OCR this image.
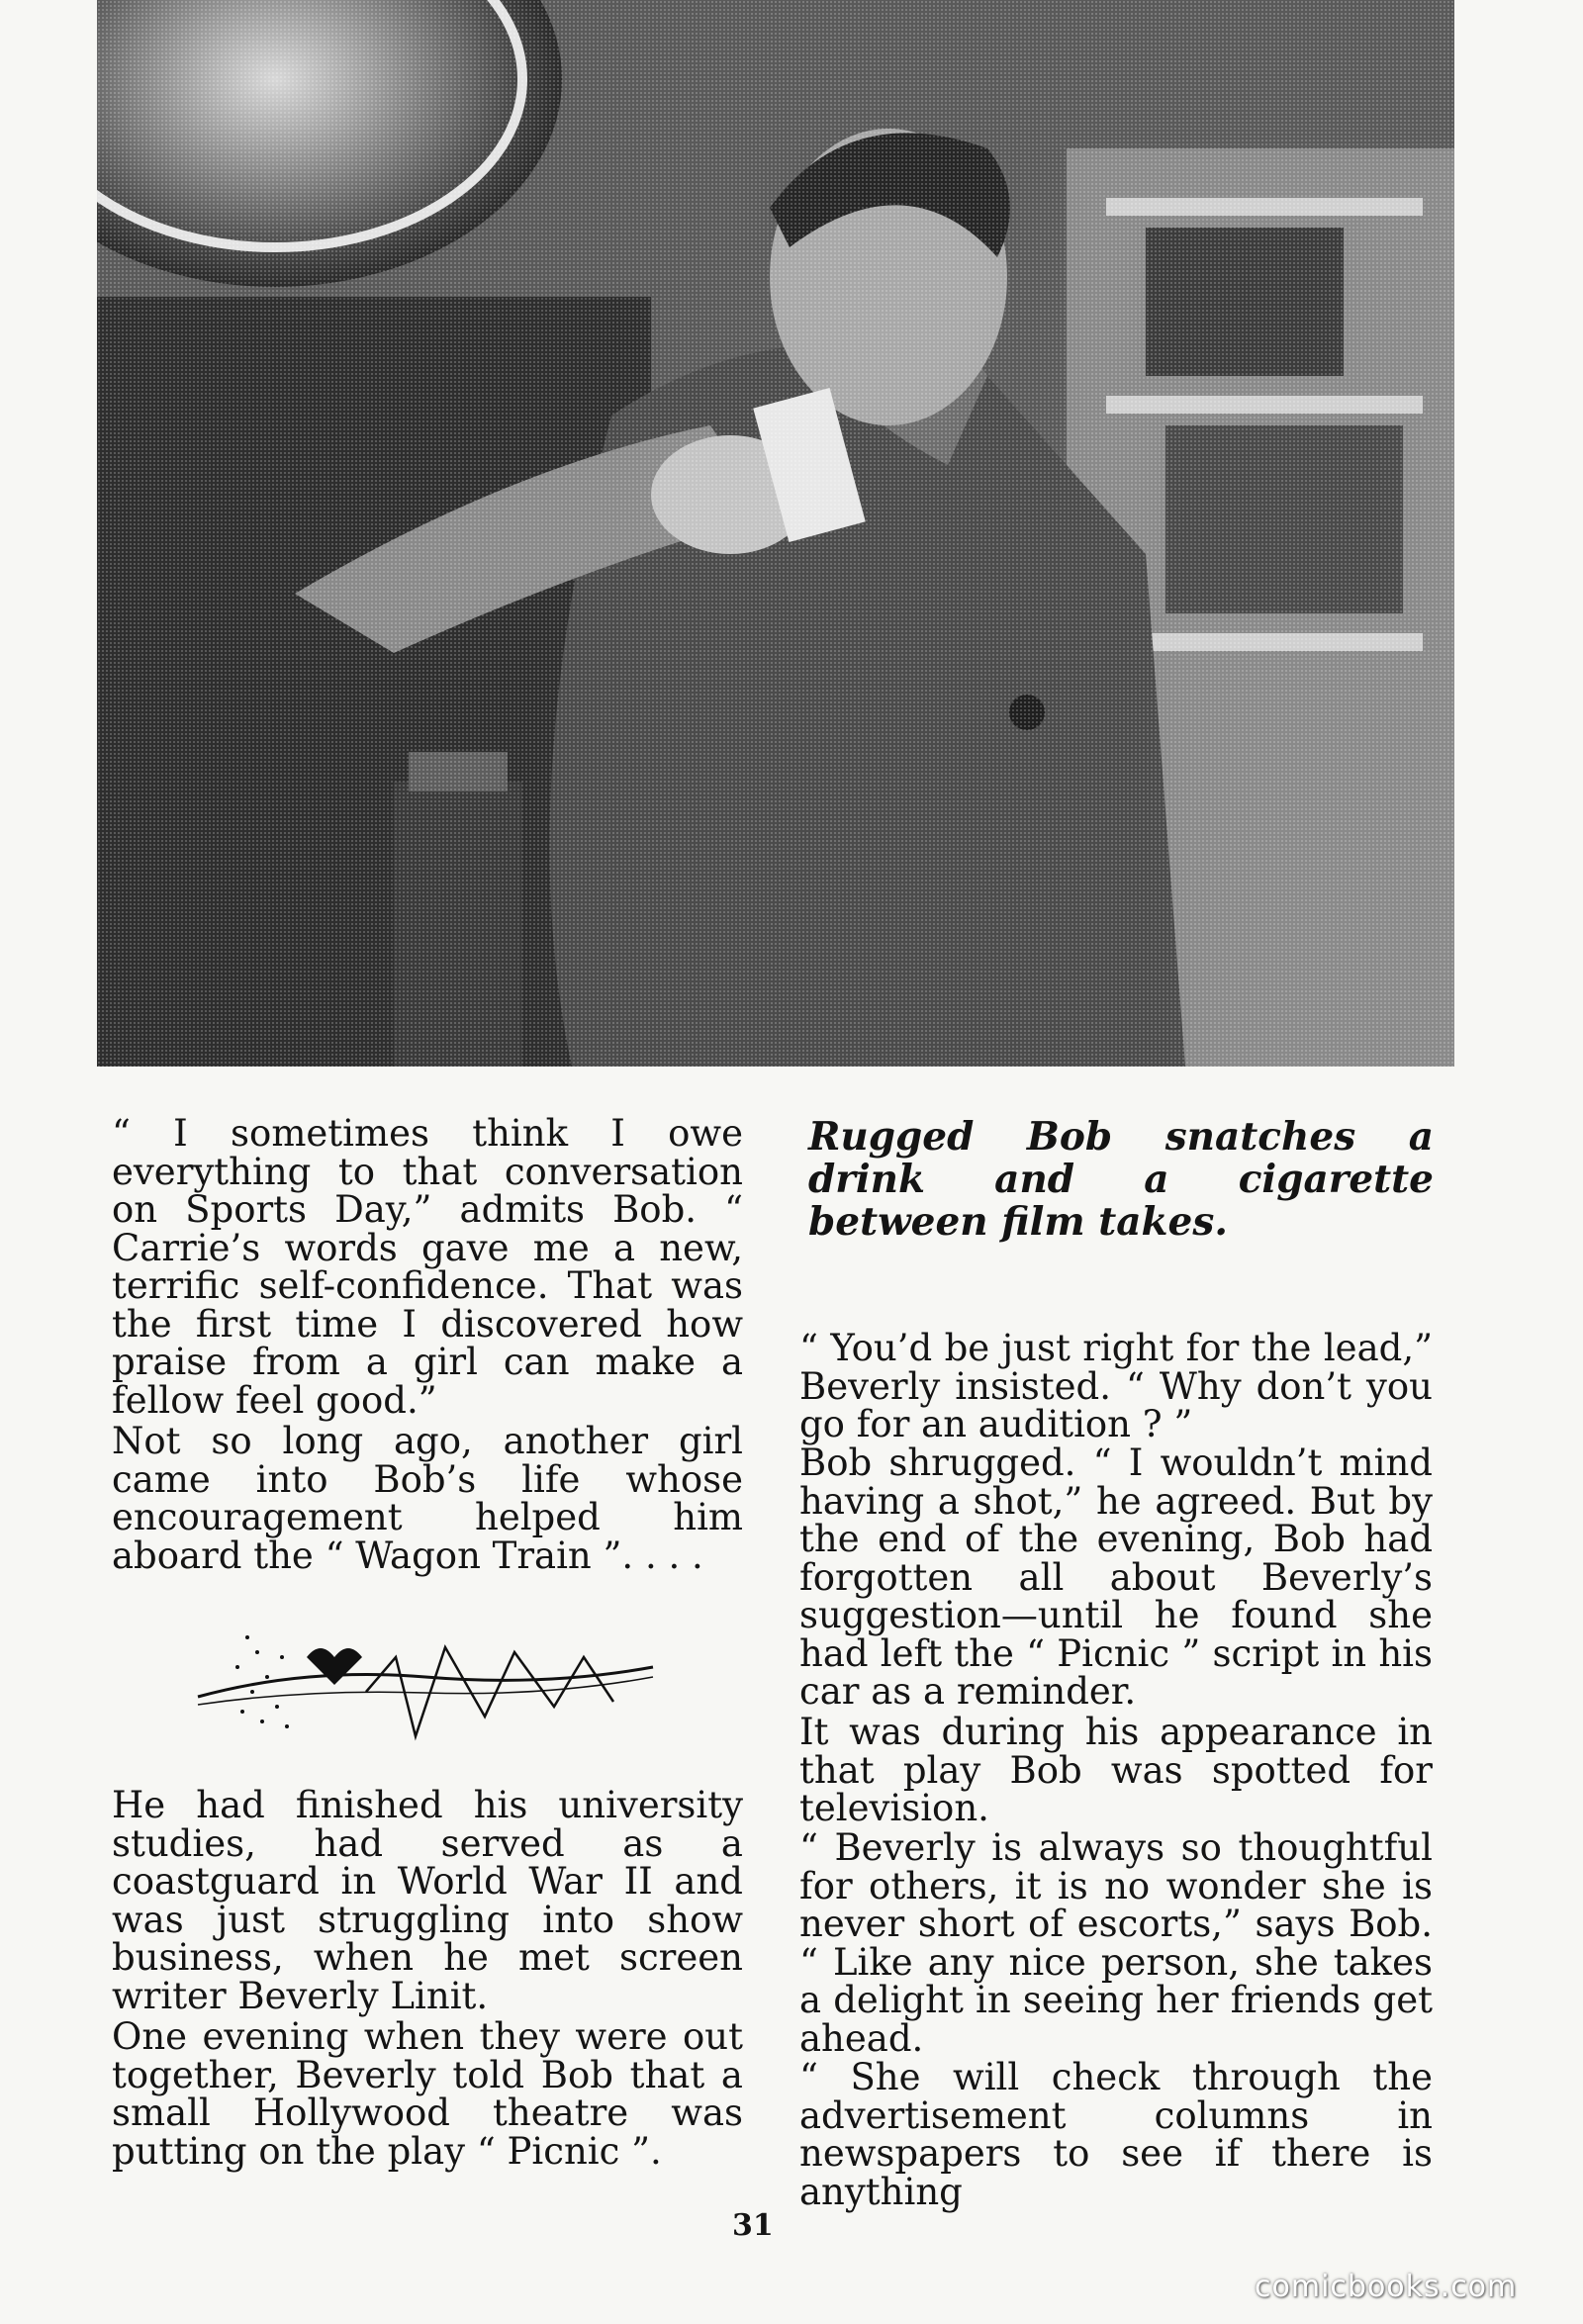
“ I sometimes think I owe everything to that conversation on Sports Day,” admits Bob. “ Carrie’s words gave me a new, terrific self-confidence. That was the first time I discovered how praise from a girl can make a fellow feel good.”

Not so long ago, another girl came into Bob’s life whose encouragement helped him aboard the “ Wagon Train ”. . . .

He had finished his university studies, had served as a coastguard in World War II and was just struggling into show business, when he met screen writer Beverly Linit.

One evening when they were out together, Beverly told Bob that a small Hollywood theatre was putting on the play “ Picnic ”.

Rugged Bob snatches a drink and a cigarette between film takes.

“ You’d be just right for the lead,” Beverly insisted. “ Why don’t you go for an audition ? ”

Bob shrugged. “ I wouldn’t mind having a shot,” he agreed. But by the end of the evening, Bob had forgotten all about Beverly’s suggestion—until he found she had left the “ Picnic ” script in his car as a reminder.

It was during his appearance in that play Bob was spotted for television.

“ Beverly is always so thoughtful for others, it is no wonder she is never short of escorts,” says Bob. “ Like any nice person, she takes a delight in seeing her friends get ahead.

“ She will check through the advertisement columns in newspapers to see if there is anything

31
comicbooks.com
